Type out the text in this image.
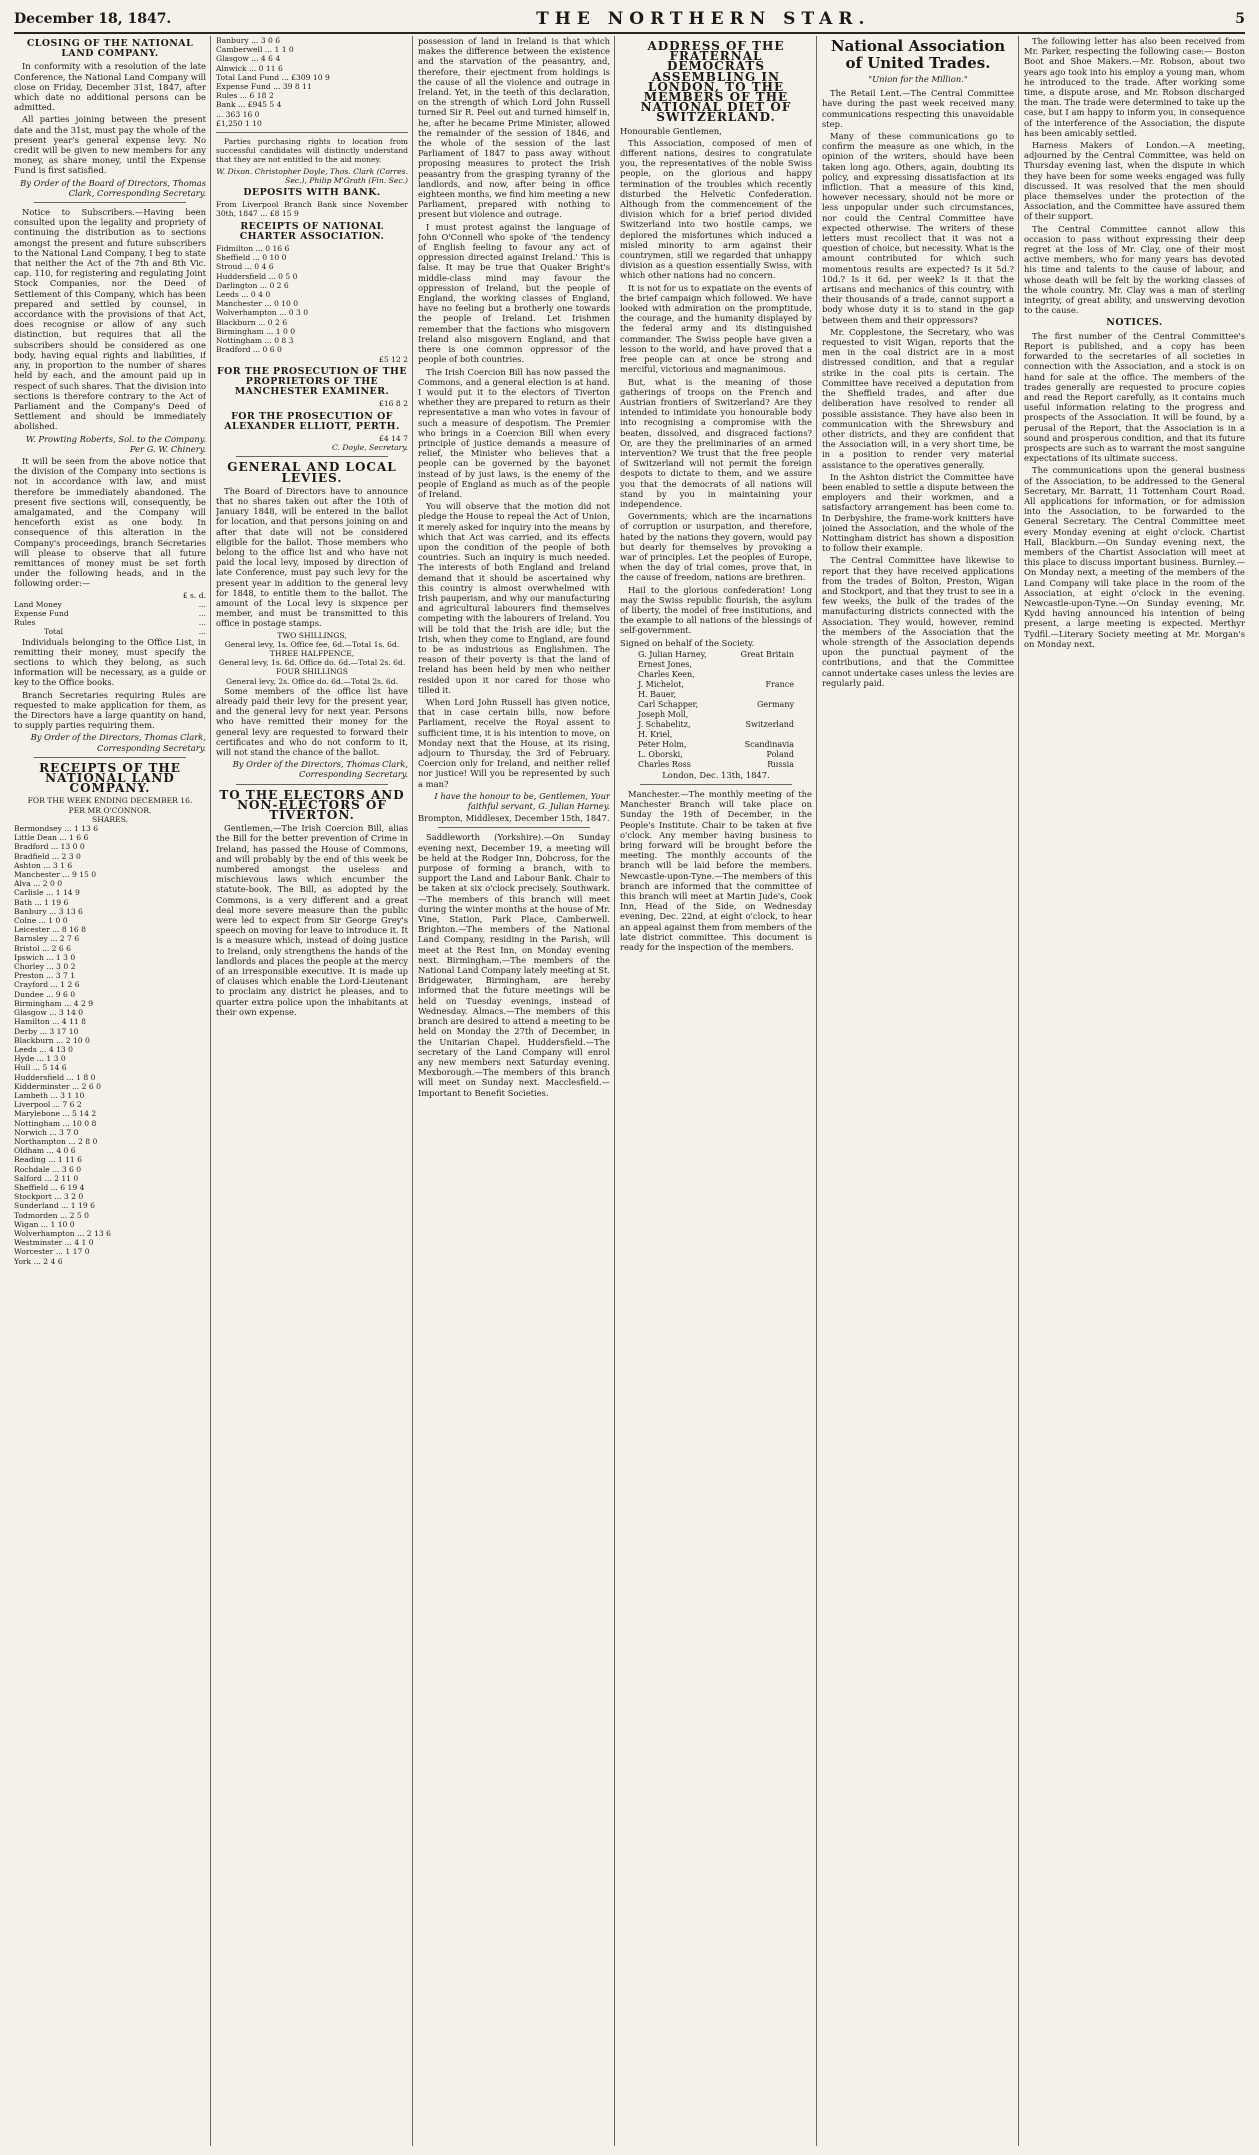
December 18, 1847.	THE NORTHERN STAR.	5
CLOSING OF THE NATIONAL LAND COMPANY.

In conformity with a resolution of the late Conference, the National Land Company will close on Friday, December 31st, 1847, after which date no additional persons can be admitted.

All parties joining between the present date and the 31st, must pay the whole of the present year's general expense levy. No credit will be given to new members for any money, as share money, until the Expense Fund is first satisfied.

By Order of the Board of Directors, Thomas Clark, Corresponding Secretary.

Notice to Subscribers.—Having been consulted upon the legality and propriety of continuing the distribution as to sections amongst the present and future subscribers to the National Land Company, I beg to state that neither the Act of the 7th and 8th Vic. cap. 110, for registering and regulating Joint Stock Companies, nor the Deed of Settlement of this Company, which has been prepared and settled by counsel, in accordance with the provisions of that Act, does recognise or allow of any such distinction, but requires that all the subscribers should be considered as one body, having equal rights and liabilities, if any, in proportion to the number of shares held by each, and the amount paid up in respect of such shares. That the division into sections is therefore contrary to the Act of Parliament and the Company's Deed of Settlement and should be immediately abolished.

W. Prowting Roberts, Sol. to the Company. Per G. W. Chinery.

It will be seen from the above notice that the division of the Company into sections is not in accordance with law, and must therefore be immediately abandoned. The present five sections will, consequently, be amalgamated, and the Company will henceforth exist as one body. In consequence of this alteration in the Company's proceedings, branch Secretaries will please to observe that all future remittances of money must be set forth under the following heads, and in the following order:—

£ s. d.
Land Money	...
Expense Fund	...
Rules	...
Total	...

Individuals belonging to the Office List, in remitting their money, must specify the sections to which they belong, as such information will be necessary, as a guide or key to the Office books.

Branch Secretaries requiring Rules are requested to make application for them, as the Directors have a large quantity on hand, to supply parties requiring them.

By Order of the Directors, Thomas Clark, Corresponding Secretary.

RECEIPTS OF THE NATIONAL LAND COMPANY.
FOR THE WEEK ENDING DECEMBER 16.
PER MR O'CONNOR.
SHARES.
Bermondsey ... 1 13 6
Little Dean ... 1 6 6
Bradford ... 13 0 0
Bradfield ... 2 3 0
Ashton ... 3 1 6
Manchester ... 9 15 0
Alva ... 2 0 0
Carlisle ... 1 14 9
Bath ... 1 19 6
Banbury ... 3 13 6
Colne ... 1 0 0
Leicester ... 8 16 8
Barnsley ... 2 7 6
Bristol ... 2 6 6
Ipswich ... 1 3 0
Chorley ... 3 0 2
Preston ... 3 7 1
Crayford ... 1 2 6
Dundee ... 9 6 0
Birmingham ... 4 2 9
Glasgow ... 3 14 0
Hamilton ... 4 11 8
Derby ... 3 17 10
Blackburn ... 2 10 0
Leeds ... 4 13 0
Hyde ... 1 3 0
Hull ... 5 14 6
Huddersfield ... 1 8 0
Kidderminster ... 2 6 0
Lambeth ... 3 1 10
Liverpool ... 7 6 2
Marylebone ... 5 14 2
Nottingham ... 10 0 8
Norwich ... 3 7 0
Northampton ... 2 8 0
Oldham ... 4 0 6
Reading ... 1 11 6
Rochdale ... 3 6 0
Salford ... 2 11 0
Sheffield ... 6 19 4
Stockport ... 3 2 0
Sunderland ... 1 19 6
Todmorden ... 2 5 0
Wigan ... 1 10 0
Wolverhampton ... 2 13 6
Westminster ... 4 1 0
Worcester ... 1 17 0
York ... 2 4 6
Banbury ... 3 0 6
Camberwell ... 1 1 0
Glasgow ... 4 6 4
Alnwick ... 0 11 6
Total Land Fund ... £309 10 9
Expense Fund ... 39 8 11
Rules ... 6 18 2
Bank ... £945 5 4
... 363 16 0
£1,250 1 10

Parties purchasing rights to location from successful candidates will distinctly understand that they are not entitled to the aid money.

W. Dixon. Christopher Doyle, Thos. Clark (Corres. Sec.), Philip M'Grath (Fin. Sec.)

DEPOSITS WITH BANK.

From Liverpool Branch Bank since November 30th, 1847 ... £8 15 9

RECEIPTS OF NATIONAL CHARTER ASSOCIATION.
Fidmilton ... 0 16 6
Sheffield ... 0 10 0
Stroud ... 0 4 6
Huddersfield ... 0 5 0
Darlington ... 0 2 6
Leeds ... 0 4 0
Manchester ... 0 10 0
Wolverhampton ... 0 3 0
Blackburn ... 0 2 6
Birmingham ... 1 0 0
Nottingham ... 0 8 3
Bradford ... 0 6 0
£5 12 2
FOR THE PROSECUTION OF THE PROPRIETORS OF THE MANCHESTER EXAMINER.
£16 8 2
FOR THE PROSECUTION OF ALEXANDER ELLIOTT, PERTH.
£4 14 7

C. Doyle, Secretary.

GENERAL AND LOCAL LEVIES.

The Board of Directors have to announce that no shares taken out after the 10th of January 1848, will be entered in the ballot for location, and that persons joining on and after that date will not be considered eligible for the ballot. Those members who belong to the office list and who have not paid the local levy, imposed by direction of late Conference, must pay such levy for the present year in addition to the general levy for 1848, to entitle them to the ballot. The amount of the Local levy is sixpence per member, and must be transmitted to this office in postage stamps.

TWO SHILLINGS,
General levy, 1s. Office fee, 6d.—Total 1s. 6d.
THREE HALFPENCE,
General levy, 1s. 6d. Office do. 6d.—Total 2s. 6d.
FOUR SHILLINGS
General levy, 2s. Office do. 6d.—Total 2s. 6d.

Some members of the office list have already paid their levy for the present year, and the general levy for next year. Persons who have remitted their money for the general levy are requested to forward their certificates and who do not conform to it, will not stand the chance of the ballot.

By Order of the Directors, Thomas Clark, Corresponding Secretary.

TO THE ELECTORS AND NON-ELECTORS OF TIVERTON.

Gentlemen,—The Irish Coercion Bill, alias the Bill for the better prevention of Crime in Ireland, has passed the House of Commons, and will probably by the end of this week be numbered amongst the useless and mischievous laws which encumber the statute-book. The Bill, as adopted by the Commons, is a very different and a great deal more severe measure than the public were led to expect from Sir George Grey's speech on moving for leave to introduce it. It is a measure which, instead of doing justice to Ireland, only strengthens the hands of the landlords and places the people at the mercy of an irresponsible executive. It is made up of clauses which enable the Lord-Lieutenant to proclaim any district he pleases, and to quarter extra police upon the inhabitants at their own expense.

possession of land in Ireland is that which makes the difference between the existence and the starvation of the peasantry, and, therefore, their ejectment from holdings is the cause of all the violence and outrage in Ireland. Yet, in the teeth of this declaration, on the strength of which Lord John Russell turned Sir R. Peel out and turned himself in, he, after he became Prime Minister, allowed the remainder of the session of 1846, and the whole of the session of the last Parliament of 1847 to pass away without proposing measures to protect the Irish peasantry from the grasping tyranny of the landlords, and now, after being in office eighteen months, we find him meeting a new Parliament, prepared with nothing to present but violence and outrage.

I must protest against the language of John O'Connell who spoke of 'the tendency of English feeling to favour any act of oppression directed against Ireland.' This is false. It may be true that Quaker Bright's middle-class mind may favour the oppression of Ireland, but the people of England, the working classes of England, have no feeling but a brotherly one towards the people of Ireland. Let Irishmen remember that the factions who misgovern Ireland also misgovern England, and that there is one common oppressor of the people of both countries.

The Irish Coercion Bill has now passed the Commons, and a general election is at hand. I would put it to the electors of Tiverton whether they are prepared to return as their representative a man who votes in favour of such a measure of despotism. The Premier who brings in a Coercion Bill when every principle of justice demands a measure of relief, the Minister who believes that a people can be governed by the bayonet instead of by just laws, is the enemy of the people of England as much as of the people of Ireland.

You will observe that the motion did not pledge the House to repeal the Act of Union, it merely asked for inquiry into the means by which that Act was carried, and its effects upon the condition of the people of both countries. Such an inquiry is much needed. The interests of both England and Ireland demand that it should be ascertained why this country is almost overwhelmed with Irish pauperism, and why our manufacturing and agricultural labourers find themselves competing with the labourers of Ireland. You will be told that the Irish are idle; but the Irish, when they come to England, are found to be as industrious as Englishmen. The reason of their poverty is that the land of Ireland has been held by men who neither resided upon it nor cared for those who tilled it.

When Lord John Russell has given notice, that in case certain bills, now before Parliament, receive the Royal assent to sufficient time, it is his intention to move, on Monday next that the House, at its rising, adjourn to Thursday, the 3rd of February. Coercion only for Ireland, and neither relief nor justice! Will you be represented by such a man?

I have the honour to be, Gentlemen, Your faithful servant, G. Julian Harney.

Brompton, Middlesex, December 15th, 1847.

Saddleworth (Yorkshire).—On Sunday evening next, December 19, a meeting will be held at the Rodger Inn, Dobcross, for the purpose of forming a branch, with to support the Land and Labour Bank. Chair to be taken at six o'clock precisely. Southwark.—The members of this branch will meet during the winter months at the house of Mr. Vine, Station, Park Place, Camberwell. Brighton.—The members of the National Land Company, residing in the Parish, will meet at the Rest Inn, on Monday evening next. Birmingham.—The members of the National Land Company lately meeting at St. Bridgewater, Birmingham, are hereby informed that the future meetings will be held on Tuesday evenings, instead of Wednesday. Almacs.—The members of this branch are desired to attend a meeting to be held on Monday the 27th of December, in the Unitarian Chapel. Huddersfield.—The secretary of the Land Company will enrol any new members next Saturday evening. Mexborough.—The members of this branch will meet on Sunday next. Macclesfield.—Important to Benefit Societies.

ADDRESS OF THE FRATERNAL DEMOCRATS ASSEMBLING IN LONDON, TO THE MEMBERS OF THE NATIONAL DIET OF SWITZERLAND.

Honourable Gentlemen,

This Association, composed of men of different nations, desires to congratulate you, the representatives of the noble Swiss people, on the glorious and happy termination of the troubles which recently disturbed the Helvetic Confederation. Although from the commencement of the division which for a brief period divided Switzerland into two hostile camps, we deplored the misfortunes which induced a misled minority to arm against their countrymen, still we regarded that unhappy division as a question essentially Swiss, with which other nations had no concern.

It is not for us to expatiate on the events of the brief campaign which followed. We have looked with admiration on the promptitude, the courage, and the humanity displayed by the federal army and its distinguished commander. The Swiss people have given a lesson to the world, and have proved that a free people can at once be strong and merciful, victorious and magnanimous.

But, what is the meaning of those gatherings of troops on the French and Austrian frontiers of Switzerland? Are they intended to intimidate you honourable body into recognising a compromise with the beaten, dissolved, and disgraced factions? Or, are they the preliminaries of an armed intervention? We trust that the free people of Switzerland will not permit the foreign despots to dictate to them, and we assure you that the democrats of all nations will stand by you in maintaining your independence.

Governments, which are the incarnations of corruption or usurpation, and therefore, hated by the nations they govern, would pay but dearly for themselves by provoking a war of principles. Let the peoples of Europe, when the day of trial comes, prove that, in the cause of freedom, nations are brethren.

Hail to the glorious confederation! Long may the Swiss republic flourish, the asylum of liberty, the model of free institutions, and the example to all nations of the blessings of self-government.

Signed on behalf of the Society.

G. Julian Harney,	Great Britain
Ernest Jones,
Charles Keen,
J. Michelot,	France
H. Bauer,
Carl Schapper,	Germany
Joseph Moll,
J. Schabelitz,	Switzerland
H. Kriel,
Peter Holm,	Scandinavia
L. Oborski,	Poland
Charles Ross	Russia

London, Dec. 13th, 1847.

Manchester.—The monthly meeting of the Manchester Branch will take place on Sunday the 19th of December, in the People's Institute. Chair to be taken at five o'clock. Any member having business to bring forward will be brought before the meeting. The monthly accounts of the branch will be laid before the members. Newcastle-upon-Tyne.—The members of this branch are informed that the committee of this branch will meet at Martin Jude's, Cook Inn, Head of the Side, on Wednesday evening, Dec. 22nd, at eight o'clock, to hear an appeal against them from members of the late district committee. This document is ready for the inspection of the members.

National Association of United Trades.
"Union for the Million."

The Retail Lent.—The Central Committee have during the past week received many communications respecting this unavoidable step.

Many of these communications go to confirm the measure as one which, in the opinion of the writers, should have been taken long ago. Others, again, doubting its policy, and expressing dissatisfaction at its infliction. That a measure of this kind, however necessary, should not be more or less unpopular under such circumstances, nor could the Central Committee have expected otherwise. The writers of these letters must recollect that it was not a question of choice, but necessity. What is the amount contributed for which such momentous results are expected? Is it 5d.? 10d.? Is it 6d. per week? Is it that the artisans and mechanics of this country, with their thousands of a trade, cannot support a body whose duty it is to stand in the gap between them and their oppressors?

Mr. Copplestone, the Secretary, who was requested to visit Wigan, reports that the men in the coal district are in a most distressed condition, and that a regular strike in the coal pits is certain. The Committee have received a deputation from the Sheffield trades, and after due deliberation have resolved to render all possible assistance. They have also been in communication with the Shrewsbury and other districts, and they are confident that the Association will, in a very short time, be in a position to render very material assistance to the operatives generally.

In the Ashton district the Committee have been enabled to settle a dispute between the employers and their workmen, and a satisfactory arrangement has been come to. In Derbyshire, the frame-work knitters have joined the Association, and the whole of the Nottingham district has shown a disposition to follow their example.

The Central Committee have likewise to report that they have received applications from the trades of Bolton, Preston, Wigan and Stockport, and that they trust to see in a few weeks, the bulk of the trades of the manufacturing districts connected with the Association. They would, however, remind the members of the Association that the whole strength of the Association depends upon the punctual payment of the contributions, and that the Committee cannot undertake cases unless the levies are regularly paid.

The following letter has also been received from Mr. Parker, respecting the following case:— Boston Boot and Shoe Makers.—Mr. Robson, about two years ago took into his employ a young man, whom he introduced to the trade. After working some time, a dispute arose, and Mr. Robson discharged the man. The trade were determined to take up the case, but I am happy to inform you, in consequence of the interference of the Association, the dispute has been amicably settled.

Harness Makers of London.—A meeting, adjourned by the Central Committee, was held on Thursday evening last, when the dispute in which they have been for some weeks engaged was fully discussed. It was resolved that the men should place themselves under the protection of the Association, and the Committee have assured them of their support.

The Central Committee cannot allow this occasion to pass without expressing their deep regret at the loss of Mr. Clay, one of their most active members, who for many years has devoted his time and talents to the cause of labour, and whose death will be felt by the working classes of the whole country. Mr. Clay was a man of sterling integrity, of great ability, and unswerving devotion to the cause.

NOTICES.

The first number of the Central Committee's Report is published, and a copy has been forwarded to the secretaries of all societies in connection with the Association, and a stock is on hand for sale at the office. The members of the trades generally are requested to procure copies and read the Report carefully, as it contains much useful information relating to the progress and prospects of the Association. It will be found, by a perusal of the Report, that the Association is in a sound and prosperous condition, and that its future prospects are such as to warrant the most sanguine expectations of its ultimate success.

The communications upon the general business of the Association, to be addressed to the General Secretary, Mr. Barratt, 11 Tottenham Court Road. All applications for information, or for admission into the Association, to be forwarded to the General Secretary. The Central Committee meet every Monday evening at eight o'clock. Chartist Hall, Blackburn.—On Sunday evening next, the members of the Chartist Association will meet at this place to discuss important business. Burnley.—On Monday next, a meeting of the members of the Land Company will take place in the room of the Association, at eight o'clock in the evening. Newcastle-upon-Tyne.—On Sunday evening, Mr. Kydd having announced his intention of being present, a large meeting is expected. Merthyr Tydfil.—Literary Society meeting at Mr. Morgan's on Monday next.
